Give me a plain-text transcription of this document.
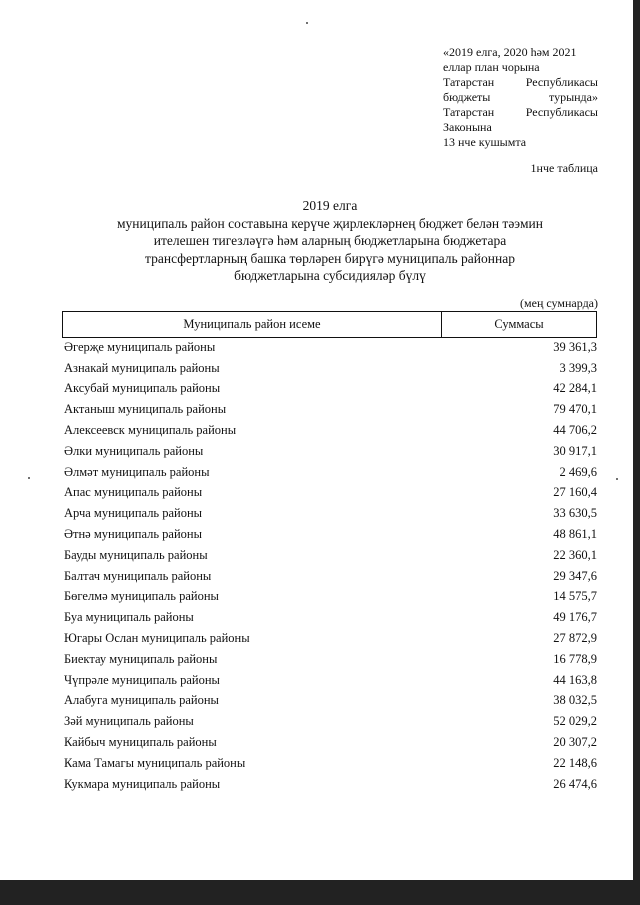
«2019 елга, 2020 һәм 2021
еллар план чорына
Татарстан	Республикасы
бюджеты	турында»
Татарстан	Республикасы
Законына
13 нче кушымта
1нче таблица
2019 елга
муниципаль район составына керүче җирлекләрнең бюджет белән тәэмин
ителешен тигезләүгә һәм аларның бюджетларына бюджетара
трансфертларның башка төрләрен бирүгә муниципаль районнар
бюджетларына субсидияләр бүлү
(мең сумнарда)
Муниципаль район исеме	Суммасы
Әгерҗе муниципаль районы	39 361,3
Азнакай муниципаль районы	3 399,3
Аксубай муниципаль районы	42 284,1
Актаныш муниципаль районы	79 470,1
Алексеевск муниципаль районы	44 706,2
Әлки муниципаль районы	30 917,1
Әлмәт муниципаль районы	2 469,6
Апас муниципаль районы	27 160,4
Арча муниципаль районы	33 630,5
Әтнә муниципаль районы	48 861,1
Бауды муниципаль районы	22 360,1
Балтач муниципаль районы	29 347,6
Бөгелмә муниципаль районы	14 575,7
Буа муниципаль районы	49 176,7
Югары Ослан муниципаль районы	27 872,9
Биектау муниципаль районы	16 778,9
Чүпрәле муниципаль районы	44 163,8
Алабуга муниципаль районы	38 032,5
Зәй муниципаль районы	52 029,2
Кайбыч муниципаль районы	20 307,2
Кама Тамагы муниципаль районы	22 148,6
Кукмара муниципаль районы	26 474,6
